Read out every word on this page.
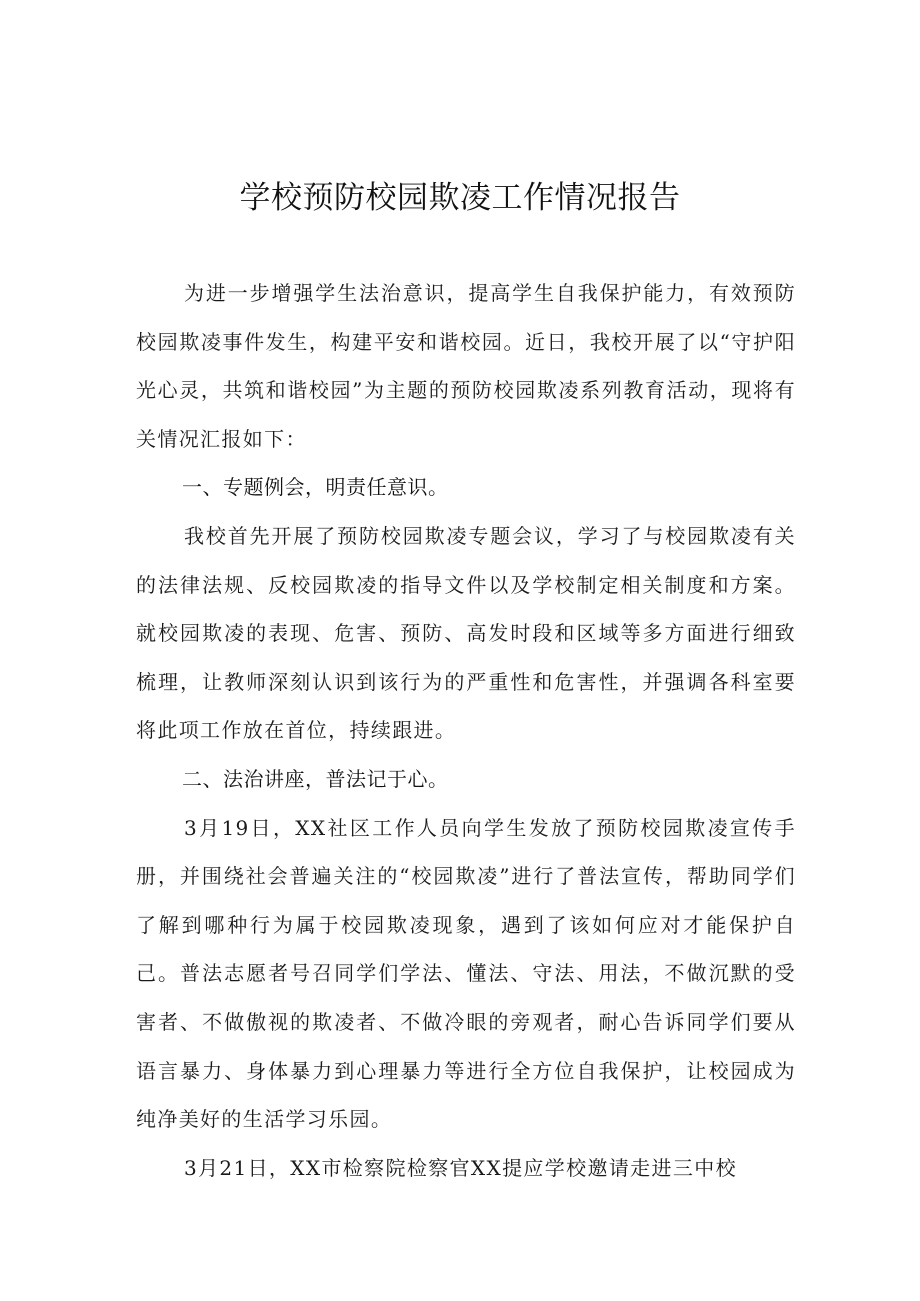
学校预防校园欺凌工作情况报告

为进一步增强学生法治意识，提高学生自我保护能力，有效预防校园欺凌事件发生，构建平安和谐校园。近日，我校开展了以“守护阳光心灵，共筑和谐校园”为主题的预防校园欺凌系列教育活动，现将有关情况汇报如下：

一、专题例会，明责任意识。

我校首先开展了预防校园欺凌专题会议，学习了与校园欺凌有关的法律法规、反校园欺凌的指导文件以及学校制定相关制度和方案。就校园欺凌的表现、危害、预防、高发时段和区域等多方面进行细致梳理，让教师深刻认识到该行为的严重性和危害性，并强调各科室要将此项工作放在首位，持续跟进。

二、法治讲座，普法记于心。

3月19日，XX社区工作人员向学生发放了预防校园欺凌宣传手册，并围绕社会普遍关注的“校园欺凌”进行了普法宣传，帮助同学们了解到哪种行为属于校园欺凌现象，遇到了该如何应对才能保护自己。普法志愿者号召同学们学法、懂法、守法、用法，不做沉默的受害者、不做傲视的欺凌者、不做冷眼的旁观者，耐心告诉同学们要从语言暴力、身体暴力到心理暴力等进行全方位自我保护，让校园成为纯净美好的生活学习乐园。

3月21日，XX市检察院检察官XX提应学校邀请走进三中校
